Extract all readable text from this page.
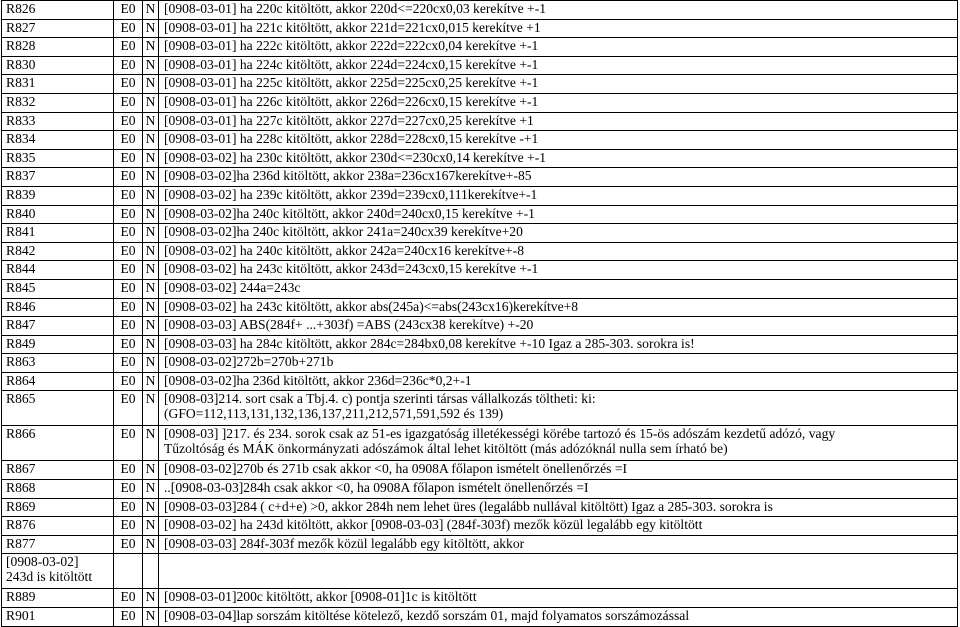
R826	E0	N	[0908-03-01] ha 220c kitöltött, akkor 220d<=220cx0,03 kerekítve +-1
R827	E0	N	[0908-03-01] ha 221c kitöltött, akkor 221d=221cx0,015 kerekítve +1
R828	E0	N	[0908-03-01] ha 222c kitöltött, akkor 222d=222cx0,04 kerekítve +-1
R830	E0	N	[0908-03-01] ha 224c kitöltött, akkor 224d=224cx0,15 kerekítve +-1
R831	E0	N	[0908-03-01] ha 225c kitöltött, akkor 225d=225cx0,25 kerekítve +-1
R832	E0	N	[0908-03-01] ha 226c kitöltött, akkor 226d=226cx0,15 kerekítve +-1
R833	E0	N	[0908-03-01] ha 227c kitöltött, akkor 227d=227cx0,25 kerekítve +1
R834	E0	N	[0908-03-01] ha 228c kitöltött, akkor 228d=228cx0,15 kerekítve -+1
R835	E0	N	[0908-03-02] ha 230c kitöltött, akkor 230d<=230cx0,14 kerekítve +-1
R837	E0	N	[0908-03-02]ha 236d kitöltött, akkor 238a=236cx167kerekítve+-85
R839	E0	N	[0908-03-02] ha 239c kitöltött, akkor 239d=239cx0,111kerekítve+-1
R840	E0	N	[0908-03-02]ha 240c kitöltött, akkor 240d=240cx0,15 kerekítve +-1
R841	E0	N	[0908-03-02]ha 240c kitöltött, akkor 241a=240cx39 kerekítve+20
R842	E0	N	[0908-03-02] ha 240c kitöltött, akkor 242a=240cx16 kerekítve+-8
R844	E0	N	[0908-03-02] ha 243c kitöltött, akkor 243d=243cx0,15 kerekítve +-1
R845	E0	N	[0908-03-02] 244a=243c
R846	E0	N	[0908-03-02] ha 243c kitöltött, akkor abs(245a)<=abs(243cx16)kerekítve+8
R847	E0	N	[0908-03-03] ABS(284f+ ...+303f) =ABS (243cx38 kerekítve) +-20
R849	E0	N	[0908-03-03] ha 284c kitöltött, akkor 284c=284bx0,08 kerekítve +-10 Igaz a 285-303. sorokra is!
R863	E0	N	[0908-03-02]272b=270b+271b
R864	E0	N	[0908-03-02]ha 236d kitöltött, akkor 236d=236c*0,2+-1
R865	E0	N	[0908-03]214. sort csak a Tbj.4. c) pontja szerinti társas vállalkozás töltheti: ki:
(GFO=112,113,131,132,136,137,211,212,571,591,592 és 139)

R866	E0	N	[0908-03] ]217. és 234. sorok csak az 51-es igazgatóság illetékességi körébe tartozó és 15-ös adószám kezdetű adózó, vagy
Tűzoltóság és MÁK önkormányzati adószámok által lehet kitöltött (más adózóknál nulla sem írható be)

R867	E0	N	[0908-03-02]270b és 271b csak akkor <0, ha 0908A főlapon ismételt önellenőrzés =I
R868	E0	N	..[0908-03-03]284h csak akkor <0, ha 0908A főlapon ismételt önellenőrzés =I
R869	E0	N	[0908-03-03]284 ( c+d+e) >0, akkor 284h nem lehet üres (legalább nullával kitöltött) Igaz a 285-303. sorokra is
R876	E0	N	[0908-03-02] ha 243d kitöltött, akkor [0908-03-03] (284f-303f) mezők közül legalább egy kitöltött
R877	E0	N	[0908-03-03] 284f-303f mezők közül legalább egy kitöltött, akkor

[0908-03-02]
243d is kitöltött			

R889	E0	N	[0908-03-01]200c kitöltött, akkor [0908-01]1c is kitöltött
R901	E0	N	[0908-03-04]lap sorszám kitöltése kötelező, kezdő sorszám 01, majd folyamatos sorszámozással
